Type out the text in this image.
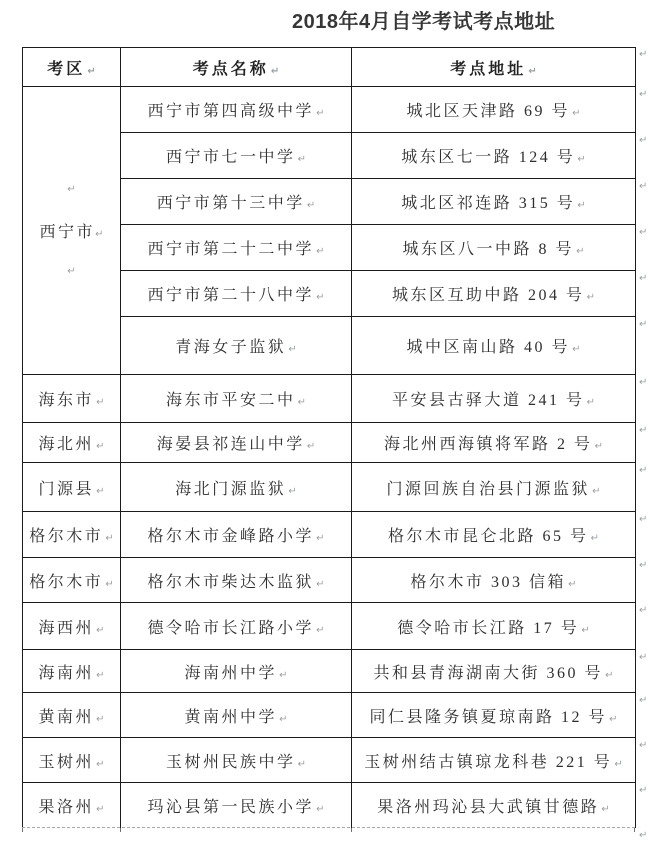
2018年4月自学考试考点地址
考区 ↵	考点名称 ↵	考点地址 ↵

↵
西宁市↵
↵	西宁市第四高级中学 ↵	城北区天津路 69 号 ↵
	西宁市七一中学 ↵	城东区七一路 124 号 ↵
	西宁市第十三中学 ↵	城北区祁连路 315 号 ↵
	西宁市第二十二中学 ↵	城东区八一中路 8 号 ↵
	西宁市第二十八中学 ↵	城东区互助中路 204 号 ↵
	青海女子监狱 ↵	城中区南山路 40 号 ↵
海东市 ↵	海东市平安二中 ↵	平安县古驿大道 241 号 ↵
海北州 ↵	海晏县祁连山中学 ↵	海北州西海镇将军路 2 号 ↵
门源县 ↵	海北门源监狱 ↵	门源回族自治县门源监狱 ↵
格尔木市 ↵	格尔木市金峰路小学 ↵	格尔木市昆仑北路 65 号 ↵
格尔木市 ↵	格尔木市柴达木监狱 ↵	格尔木市 303 信箱 ↵
海西州 ↵	德令哈市长江路小学 ↵	德令哈市长江路 17 号 ↵
海南州 ↵	海南州中学 ↵	共和县青海湖南大街 360 号 ↵
黄南州 ↵	黄南州中学 ↵	同仁县隆务镇夏琼南路 12 号 ↵
玉树州 ↵	玉树州民族中学 ↵	玉树州结古镇琼龙科巷 221 号 ↵
果洛州 ↵	玛沁县第一民族小学 ↵	果洛州玛沁县大武镇甘德路 ↵
↵
↵
↵
↵
↵
↵
↵
↵
↵
↵
↵
↵
↵
↵
↵
↵
↵
↵
